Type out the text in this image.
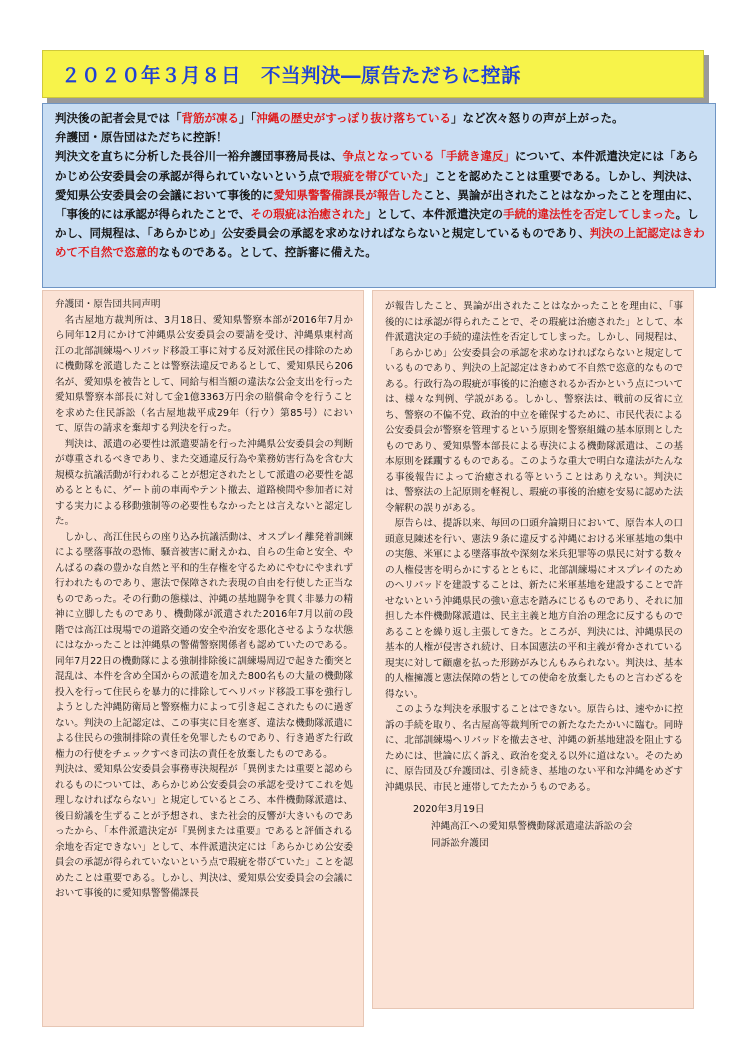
２０２０年３月８日　不当判決―原告ただちに控訴

判決後の記者会見では「背筋が凍る」「沖縄の歴史がすっぽり抜け落ちている」など次々怒りの声が上がった。

弁護団・原告団はただちに控訴！

判決文を直ちに分析した長谷川一裕弁護団事務局長は、争点となっている「手続き違反」について、本件派遣決定には「あらかじめ公安委員会の承認が得られていないという点で瑕疵を帯びていた」ことを認めたことは重要である。しかし、判決は、愛知県公安委員会の会議において事後的に愛知県警警備課長が報告したこと、異論が出されたことはなかったことを理由に、「事後的には承認が得られたことで、その瑕疵は治癒された」として、本件派遣決定の手続的違法性を否定してしまった。しかし、同規程は、「あらかじめ」公安委員会の承認を求めなければならないと規定しているものであり、判決の上記認定はきわめて不自然で恣意的なものである。として、控訴審に備えた。

弁護団・原告団共同声明

名古屋地方裁判所は、3月18日、愛知県警察本部が2016年7月から同年12月にかけて沖縄県公安委員会の要請を受け、沖縄県東村高江の北部訓練場ヘリパッド移設工事に対する反対派住民の排除のために機動隊を派遣したことは警察法違反であるとして、愛知県民ら206名が、愛知県を被告として、同給与相当額の違法な公金支出を行った愛知県警察本部長に対して金1億3363万円余の賠償命令を行うことを求めた住民訴訟（名古屋地裁平成29年（行ウ）第85号）において、原告の請求を棄却する判決を行った。

判決は、派遣の必要性は派遣要請を行った沖縄県公安委員会の判断が尊重されるべきであり、また交通違反行為や業務妨害行為を含む大規模な抗議活動が行われることが想定されたとして派遣の必要性を認めるとともに、ゲート前の車両やテント撤去、道路検問や参加者に対する実力による移動強制等の必要性もなかったとは言えないと認定した。

しかし、高江住民らの座り込み抗議活動は、オスプレイ離発着訓練による墜落事故の恐怖、騒音被害に耐えかね、自らの生命と安全、やんばるの森の豊かな自然と平和的生存権を守るためにやむにやまれず行われたものであり、憲法で保障された表現の自由を行使した正当なものであった。その行動の態様は、沖縄の基地闘争を貫く非暴力の精神に立脚したものであり、機動隊が派遣された2016年7月以前の段階では高江は現場での道路交通の安全や治安を悪化させるような状態にはなかったことは沖縄県の警備警察関係者も認めていたのである。同年7月22日の機動隊による強制排除後に訓練場周辺で起きた衝突と混乱は、本件を含め全国からの派遣を加えた800名もの大量の機動隊投入を行って住民らを暴力的に排除してヘリパッド移設工事を強行しようとした沖縄防衛局と警察権力によって引き起こされたものに過ぎない。判決の上記認定は、この事実に目を塞ぎ、違法な機動隊派遣による住民らの強制排除の責任を免罪したものであり、行き過ぎた行政権力の行使をチェックすべき司法の責任を放棄したものである。

判決は、愛知県公安委員会事務専決規程が「異例または重要と認められるものについては、あらかじめ公安委員会の承認を受けてこれを処理しなければならない」と規定しているところ、本件機動隊派遣は、後日紛議を生ずることが予想され、また社会的反響が大きいものであったから、「本件派遣決定が『異例または重要』であると評価される余地を否定できない」として、本件派遣決定には「あらかじめ公安委員会の承認が得られていないという点で瑕疵を帯びていた」ことを認めたことは重要である。しかし、判決は、愛知県公安委員会の会議において事後的に愛知県警警備課長

が報告したこと、異論が出されたことはなかったことを理由に、「事後的には承認が得られたことで、その瑕疵は治癒された」として、本件派遣決定の手続的違法性を否定してしまった。しかし、同規程は、「あらかじめ」公安委員会の承認を求めなければならないと規定しているものであり、判決の上記認定はきわめて不自然で恣意的なものである。行政行為の瑕疵が事後的に治癒されるか否かという点については、様々な判例、学説がある。しかし、警察法は、戦前の反省に立ち、警察の不偏不党、政治的中立を確保するために、市民代表による公安委員会が警察を管理するという原則を警察組織の基本原則としたものであり、愛知県警本部長による専決による機動隊派遣は、この基本原則を蹂躙するものである。このような重大で明白な違法がたんなる事後報告によって治癒される等ということはありえない。判決には、警察法の上記原則を軽視し、瑕疵の事後的治癒を安易に認めた法令解釈の誤りがある。

原告らは、提訴以来、毎回の口頭弁論期日において、原告本人の口頭意見陳述を行い、憲法９条に違反する沖縄における米軍基地の集中の実態、米軍による墜落事故や深刻な米兵犯罪等の県民に対する数々の人権侵害を明らかにするとともに、北部訓練場にオスプレイのためのヘリパッドを建設することは、新たに米軍基地を建設することで許せないという沖縄県民の強い意志を踏みにじるものであり、それに加担した本件機動隊派遣は、民主主義と地方自治の理念に反するものであることを繰り返し主張してきた。ところが、判決には、沖縄県民の基本的人権が侵害され続け、日本国憲法の平和主義が脅かされている現実に対して顧慮を払った形跡がみじんもみられない。判決は、基本的人権擁護と憲法保障の砦としての使命を放棄したものと言わざるを得ない。

このような判決を承服することはできない。原告らは、速やかに控訴の手続を取り、名古屋高等裁判所での新たなたたかいに臨む。同時に、北部訓練場ヘリパッドを撤去させ、沖縄の新基地建設を阻止するためには、世論に広く訴え、政治を変える以外に道はない。そのために、原告団及び弁護団は、引き続き、基地のない平和な沖縄をめざす沖縄県民、市民と連帯してたたかうものである。

2020年3月19日
沖縄高江への愛知県警機動隊派遣違法訴訟の会
同訴訟弁護団
